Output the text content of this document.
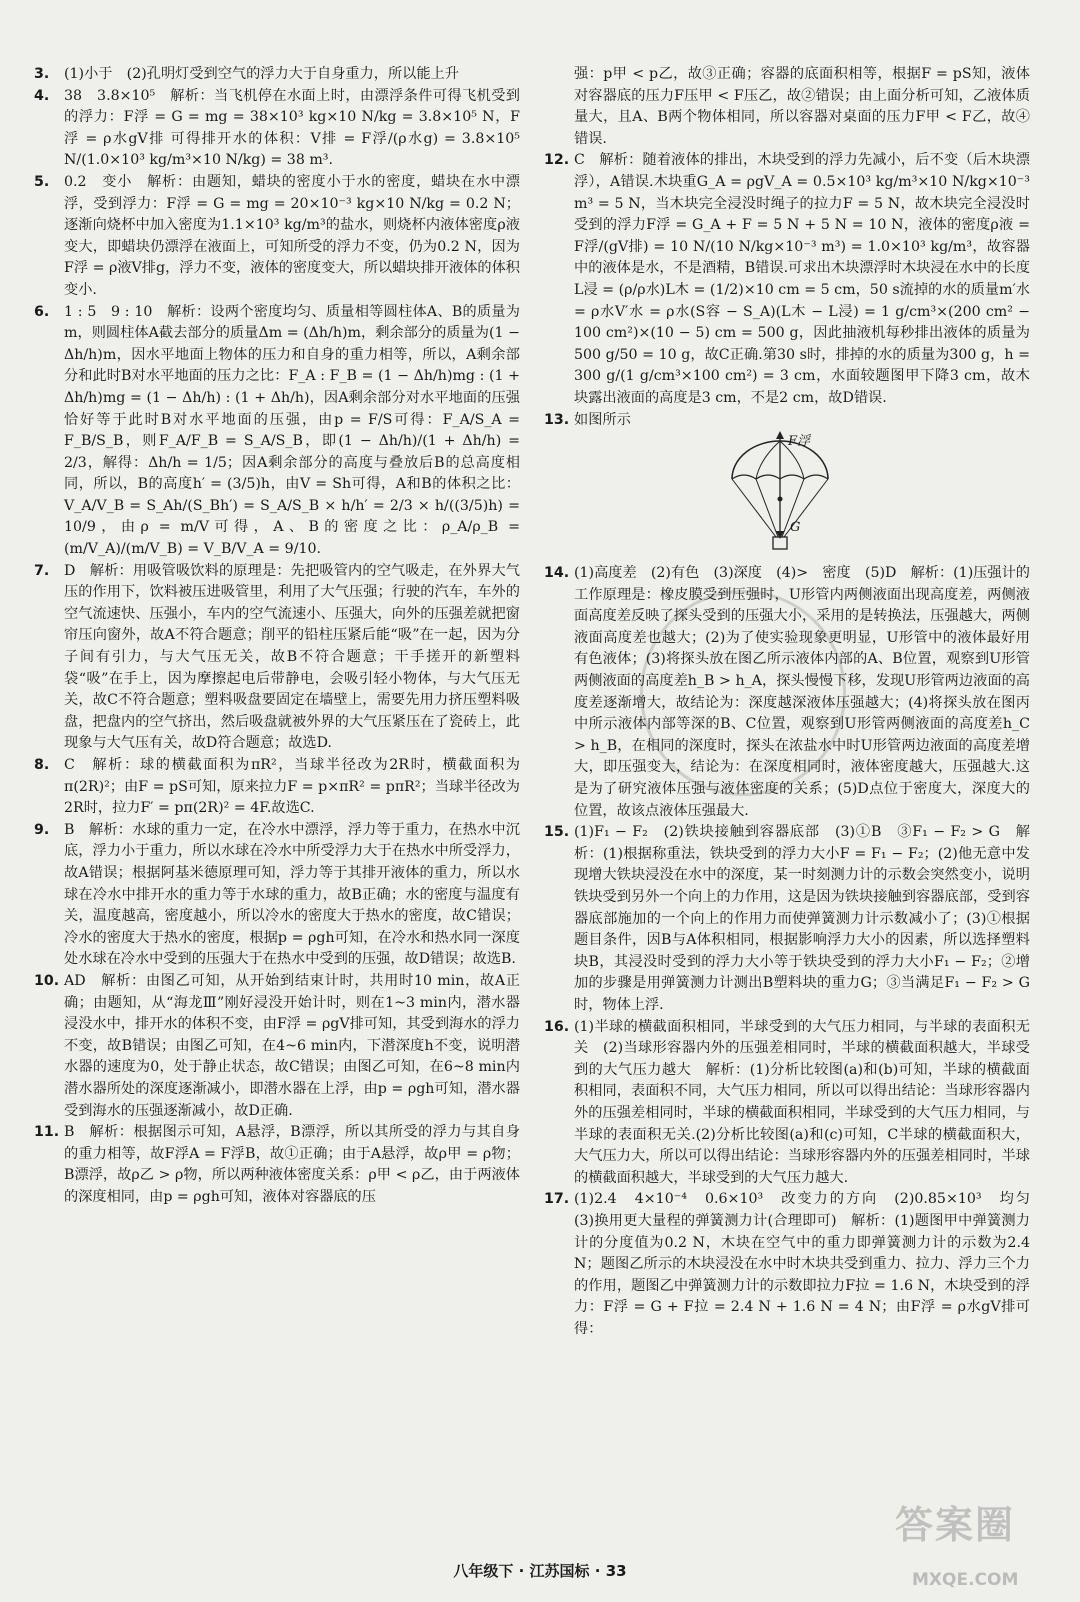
3. (1)小于　(2)孔明灯受到空气的浮力大于自身重力，所以能上升

4. 38　3.8×10⁵　解析：当飞机停在水面上时，由漂浮条件可得飞机受到的浮力：F浮 = G = mg = 38×10³ kg×10 N/kg = 3.8×10⁵ N，F浮 = ρ水gV排 可得排开水的体积：V排 = F浮/(ρ水g) = 3.8×10⁵ N/(1.0×10³ kg/m³×10 N/kg) = 38 m³.

5. 0.2　变小　解析：由题知，蜡块的密度小于水的密度，蜡块在水中漂浮，受到浮力：F浮 = G = mg = 20×10⁻³ kg×10 N/kg = 0.2 N；逐渐向烧杯中加入密度为1.1×10³ kg/m³的盐水，则烧杯内液体密度ρ液变大，即蜡块仍漂浮在液面上，可知所受的浮力不变，仍为0.2 N，因为F浮 = ρ液V排g，浮力不变，液体的密度变大，所以蜡块排开液体的体积变小.

6. 1 : 5　9 : 10　解析：设两个密度均匀、质量相等圆柱体A、B的质量为m，则圆柱体A截去部分的质量Δm = (Δh/h)m，剩余部分的质量为(1 − Δh/h)m，因水平地面上物体的压力和自身的重力相等，所以，A剩余部分和此时B对水平地面的压力之比：F_A : F_B = (1 − Δh/h)mg : (1 + Δh/h)mg = (1 − Δh/h) : (1 + Δh/h)，因A剩余部分对水平地面的压强恰好等于此时B对水平地面的压强，由p = F/S可得：F_A/S_A = F_B/S_B，则F_A/F_B = S_A/S_B，即(1 − Δh/h)/(1 + Δh/h) = 2/3，解得：Δh/h = 1/5；因A剩余部分的高度与叠放后B的总高度相同，所以，B的高度h′ = (3/5)h，由V = Sh可得，A和B的体积之比：V_A/V_B = S_Ah/(S_Bh′) = S_A/S_B × h/h′ = 2/3 × h/((3/5)h) = 10/9，由ρ = m/V可得，A、B的密度之比：ρ_A/ρ_B = (m/V_A)/(m/V_B) = V_B/V_A = 9/10.

7. D　解析：用吸管吸饮料的原理是：先把吸管内的空气吸走，在外界大气压的作用下，饮料被压进吸管里，利用了大气压强；行驶的汽车，车外的空气流速快、压强小，车内的空气流速小、压强大，向外的压强差就把窗帘压向窗外，故A不符合题意；削平的铅柱压紧后能“吸”在一起，因为分子间有引力，与大气压无关，故B不符合题意；干手搓开的新塑料袋“吸”在手上，因为摩擦起电后带静电，会吸引轻小物体，与大气压无关，故C不符合题意；塑料吸盘要固定在墙壁上，需要先用力挤压塑料吸盘，把盘内的空气挤出，然后吸盘就被外界的大气压紧压在了瓷砖上，此现象与大气压有关，故D符合题意；故选D.

8. C　解析：球的横截面积为πR²，当球半径改为2R时，横截面积为π(2R)²；由F = pS可知，原来拉力F = p×πR² = pπR²；当球半径改为2R时，拉力F′ = pπ(2R)² = 4F.故选C.

9. B　解析：水球的重力一定，在冷水中漂浮，浮力等于重力，在热水中沉底，浮力小于重力，所以水球在冷水中所受浮力大于在热水中所受浮力，故A错误；根据阿基米德原理可知，浮力等于其排开液体的重力，所以水球在冷水中排开水的重力等于水球的重力，故B正确；水的密度与温度有关，温度越高，密度越小，所以冷水的密度大于热水的密度，故C错误；冷水的密度大于热水的密度，根据p = ρgh可知，在冷水和热水同一深度处水球在冷水中受到的压强大于在热水中受到的压强，故D错误；故选B.

10. AD　解析：由图乙可知，从开始到结束计时，共用时10 min，故A正确；由题知，从“海龙Ⅲ”刚好浸没开始计时，则在1~3 min内，潜水器浸没水中，排开水的体积不变，由F浮 = ρgV排可知，其受到海水的浮力不变，故B错误；由图乙可知，在4~6 min内，下潜深度h不变，说明潜水器的速度为0，处于静止状态，故C错误；由图乙可知，在6~8 min内潜水器所处的深度逐渐减小，即潜水器在上浮，由p = ρgh可知，潜水器受到海水的压强逐渐减小，故D正确.

11. B　解析：根据图示可知，A悬浮，B漂浮，所以其所受的浮力与其自身的重力相等，故F浮A = F浮B，故①正确；由于A悬浮，故ρ甲 = ρ物；B漂浮，故ρ乙 > ρ物，所以两种液体密度关系：ρ甲 < ρ乙，由于两液体的深度相同，由p = ρgh可知，液体对容器底的压

强：p甲 < p乙，故③正确；容器的底面积相等，根据F = pS知，液体对容器底的压力F压甲 < F压乙，故②错误；由上面分析可知，乙液体质量大，且A、B两个物体相同，所以容器对桌面的压力F甲 < F乙，故④错误.

12. C　解析：随着液体的排出，木块受到的浮力先减小，后不变（后木块漂浮），A错误.木块重G_A = ρgV_A = 0.5×10³ kg/m³×10 N/kg×10⁻³ m³ = 5 N，当木块完全浸没时绳子的拉力F = 5 N，故木块完全浸没时受到的浮力F浮 = G_A + F = 5 N + 5 N = 10 N，液体的密度ρ液 = F浮/(gV排) = 10 N/(10 N/kg×10⁻³ m³) = 1.0×10³ kg/m³，故容器中的液体是水，不是酒精，B错误.可求出木块漂浮时木块浸在水中的长度L浸 = (ρ/ρ水)L木 = (1/2)×10 cm = 5 cm，50 s流掉的水的质量m′水 = ρ水V′水 = ρ水(S容 − S_A)(L木 − L浸) = 1 g/cm³×(200 cm² − 100 cm²)×(10 − 5) cm = 500 g，因此抽液机每秒排出液体的质量为500 g/50 = 10 g，故C正确.第30 s时，排掉的水的质量为300 g，h = 300 g/(1 g/cm³×100 cm²) = 3 cm，水面较题图甲下降3 cm，故木块露出液面的高度是3 cm，不是2 cm，故D错误.

13. 如图所示

F浮
G
14. (1)高度差　(2)有色　(3)深度　(4)>　密度　(5)D　解析：(1)压强计的工作原理是：橡皮膜受到压强时，U形管内两侧液面出现高度差，两侧液面高度差反映了探头受到的压强大小，采用的是转换法，压强越大，两侧液面高度差也越大；(2)为了使实验现象更明显，U形管中的液体最好用有色液体；(3)将探头放在图乙所示液体内部的A、B位置，观察到U形管两侧液面的高度差h_B > h_A，探头慢慢下移，发现U形管两边液面的高度差逐渐增大，故结论为：深度越深液体压强越大；(4)将探头放在图丙中所示液体内部等深的B、C位置，观察到U形管两侧液面的高度差h_C > h_B，在相同的深度时，探头在浓盐水中时U形管两边液面的高度差增大，即压强变大，结论为：在深度相同时，液体密度越大，压强越大.这是为了研究液体压强与液体密度的关系；(5)D点位于密度大，深度大的位置，故该点液体压强最大.

15. (1)F₁ − F₂　(2)铁块接触到容器底部　(3)①B　③F₁ − F₂ > G　解析：(1)根据称重法，铁块受到的浮力大小F = F₁ − F₂；(2)他无意中发现增大铁块浸没在水中的深度，某一时刻测力计的示数会突然变小，说明铁块受到另外一个向上的力作用，这是因为铁块接触到容器底部，受到容器底部施加的一个向上的作用力而使弹簧测力计示数减小了；(3)①根据题目条件，因B与A体积相同，根据影响浮力大小的因素，所以选择塑料块B，其浸没时受到的浮力大小等于铁块受到的浮力大小F₁ − F₂；②增加的步骤是用弹簧测力计测出B塑料块的重力G；③当满足F₁ − F₂ > G时，物体上浮.

16. (1)半球的横截面积相同，半球受到的大气压力相同，与半球的表面积无关　(2)当球形容器内外的压强差相同时，半球的横截面积越大，半球受到的大气压力越大　解析：(1)分析比较图(a)和(b)可知，半球的横截面积相同，表面积不同，大气压力相同，所以可以得出结论：当球形容器内外的压强差相同时，半球的横截面积相同，半球受到的大气压力相同，与半球的表面积无关.(2)分析比较图(a)和(c)可知，C半球的横截面积大，大气压力大，所以可以得出结论：当球形容器内外的压强差相同时，半球的横截面积越大，半球受到的大气压力越大.

17. (1)2.4　4×10⁻⁴　0.6×10³　改变力的方向　(2)0.85×10³　均匀　(3)换用更大量程的弹簧测力计(合理即可)　解析：(1)题图甲中弹簧测力计的分度值为0.2 N，木块在空气中的重力即弹簧测力计的示数为2.4 N；题图乙所示的木块浸没在水中时木块共受到重力、拉力、浮力三个力的作用，题图乙中弹簧测力计的示数即拉力F拉 = 1.6 N，木块受到的浮力：F浮 = G + F拉 = 2.4 N + 1.6 N = 4 N；由F浮 = ρ水gV排可得：

八年级下 · 江苏国标 · 33
答案圈
MXQE.COM
